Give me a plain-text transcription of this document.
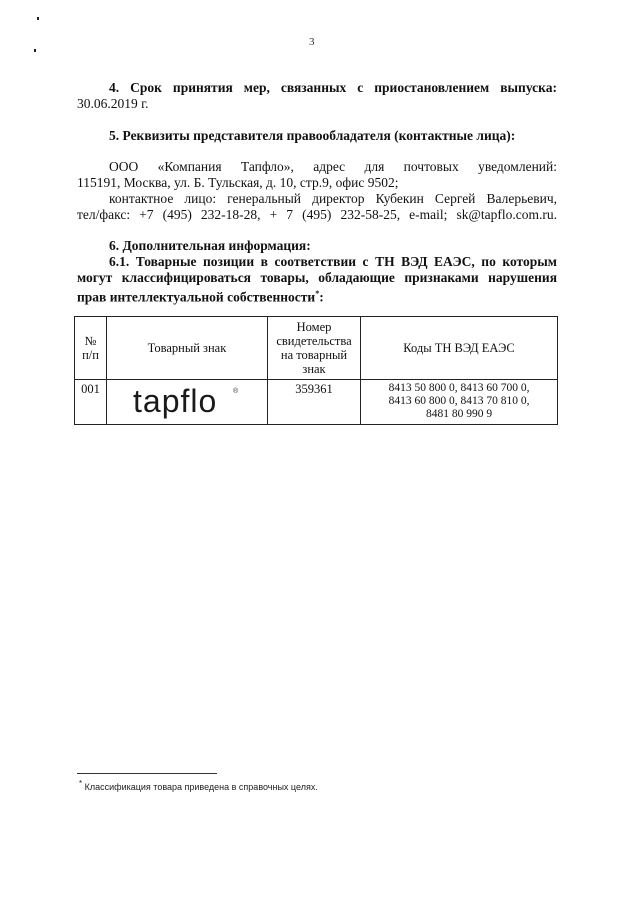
3
4. Срок принятия мер, связанных с приостановлением выпуска:
30.06.2019 г.
5. Реквизиты представителя правообладателя (контактные лица):
ООО «Компания Тапфло», адрес для почтовых уведомлений:
115191, Москва, ул. Б. Тульская, д. 10, стр.9, офис 9502;
контактное лицо: генеральный директор Кубекин Сергей Валерьевич,
тел/факс: +7 (495) 232-18-28, + 7 (495) 232-58-25, e-mail; sk@tapflo.com.ru.
6. Дополнительная информация:
6.1. Товарные позиции в соответствии с ТН ВЭД ЕАЭС, по которым
могут классифицироваться товары, обладающие признаками нарушения
прав интеллектуальной собственности*:
№
п/п	Товарный знак	Номер
свидетельства
на товарный
знак	Коды ТН ВЭД ЕАЭС
001	tapflo ®	359361	8413 50 800 0, 8413 60 700 0,
8413 60 800 0, 8413 70 810 0,
8481 80 990 9
* Классификация товара приведена в справочных целях.
